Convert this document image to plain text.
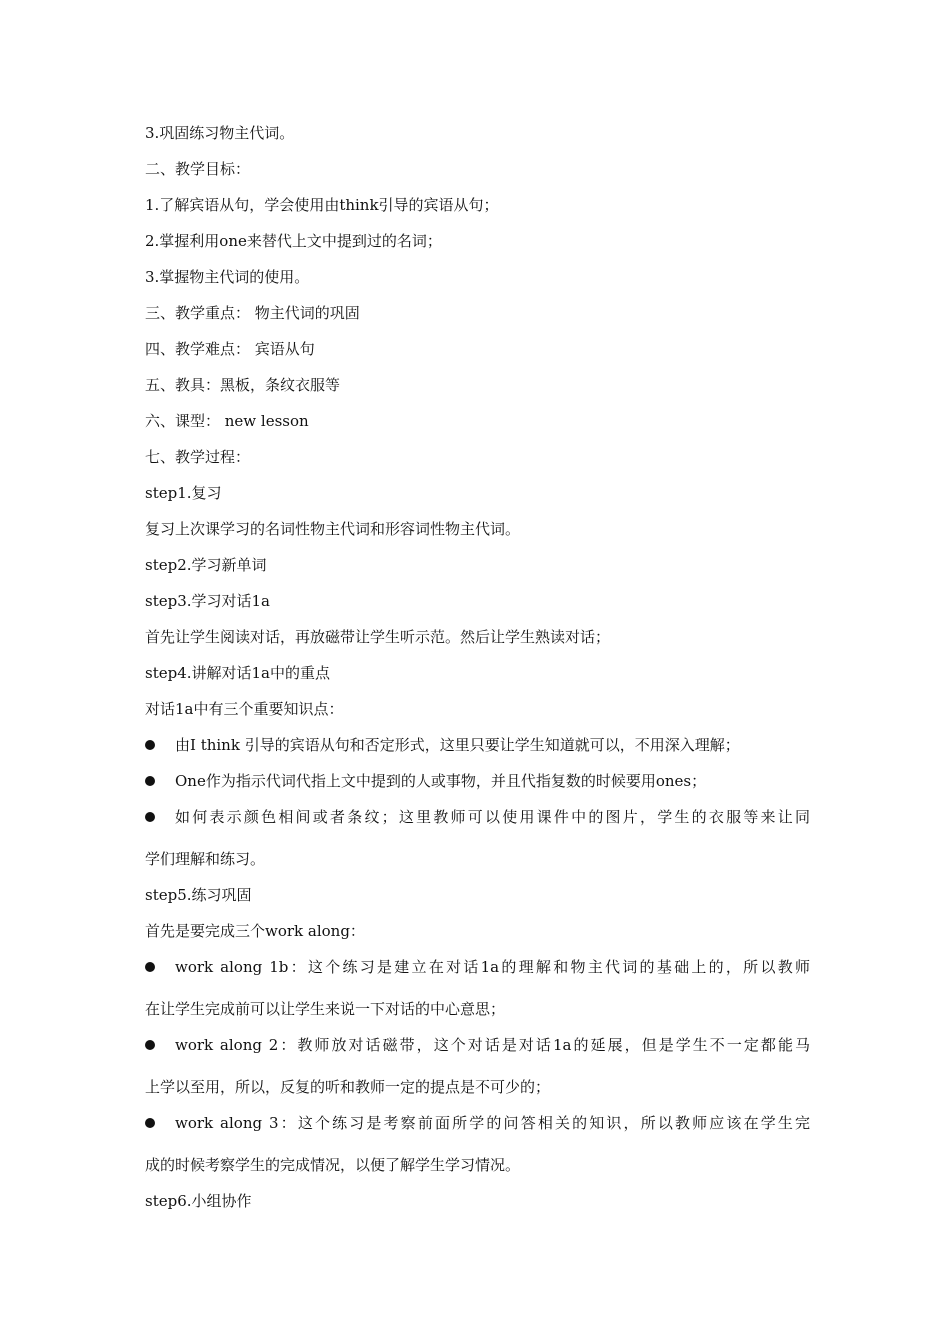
3.巩固练习物主代词。
二、教学目标：
1.了解宾语从句，学会使用由think引导的宾语从句；
2.掌握利用one来替代上文中提到过的名词；
3.掌握物主代词的使用。
三、教学重点： 物主代词的巩固
四、教学难点： 宾语从句
五、教具：黑板，条纹衣服等
六、课型： new lesson
七、教学过程：
step1.复习
复习上次课学习的名词性物主代词和形容词性物主代词。
step2.学习新单词
step3.学习对话1a
首先让学生阅读对话，再放磁带让学生听示范。然后让学生熟读对话；
step4.讲解对话1a中的重点
对话1a中有三个重要知识点：
由I think 引导的宾语从句和否定形式，这里只要让学生知道就可以，不用深入理解；
One作为指示代词代指上文中提到的人或事物，并且代指复数的时候要用ones；
如何表示颜色相间或者条纹；这里教师可以使用课件中的图片，学生的衣服等来让同
学们理解和练习。
step5.练习巩固
首先是要完成三个work along：
work along 1b：这个练习是建立在对话1a的理解和物主代词的基础上的，所以教师
在让学生完成前可以让学生来说一下对话的中心意思；
work along 2：教师放对话磁带，这个对话是对话1a的延展，但是学生不一定都能马
上学以至用，所以，反复的听和教师一定的提点是不可少的；
work along 3：这个练习是考察前面所学的问答相关的知识，所以教师应该在学生完
成的时候考察学生的完成情况，以便了解学生学习情况。
step6.小组协作
